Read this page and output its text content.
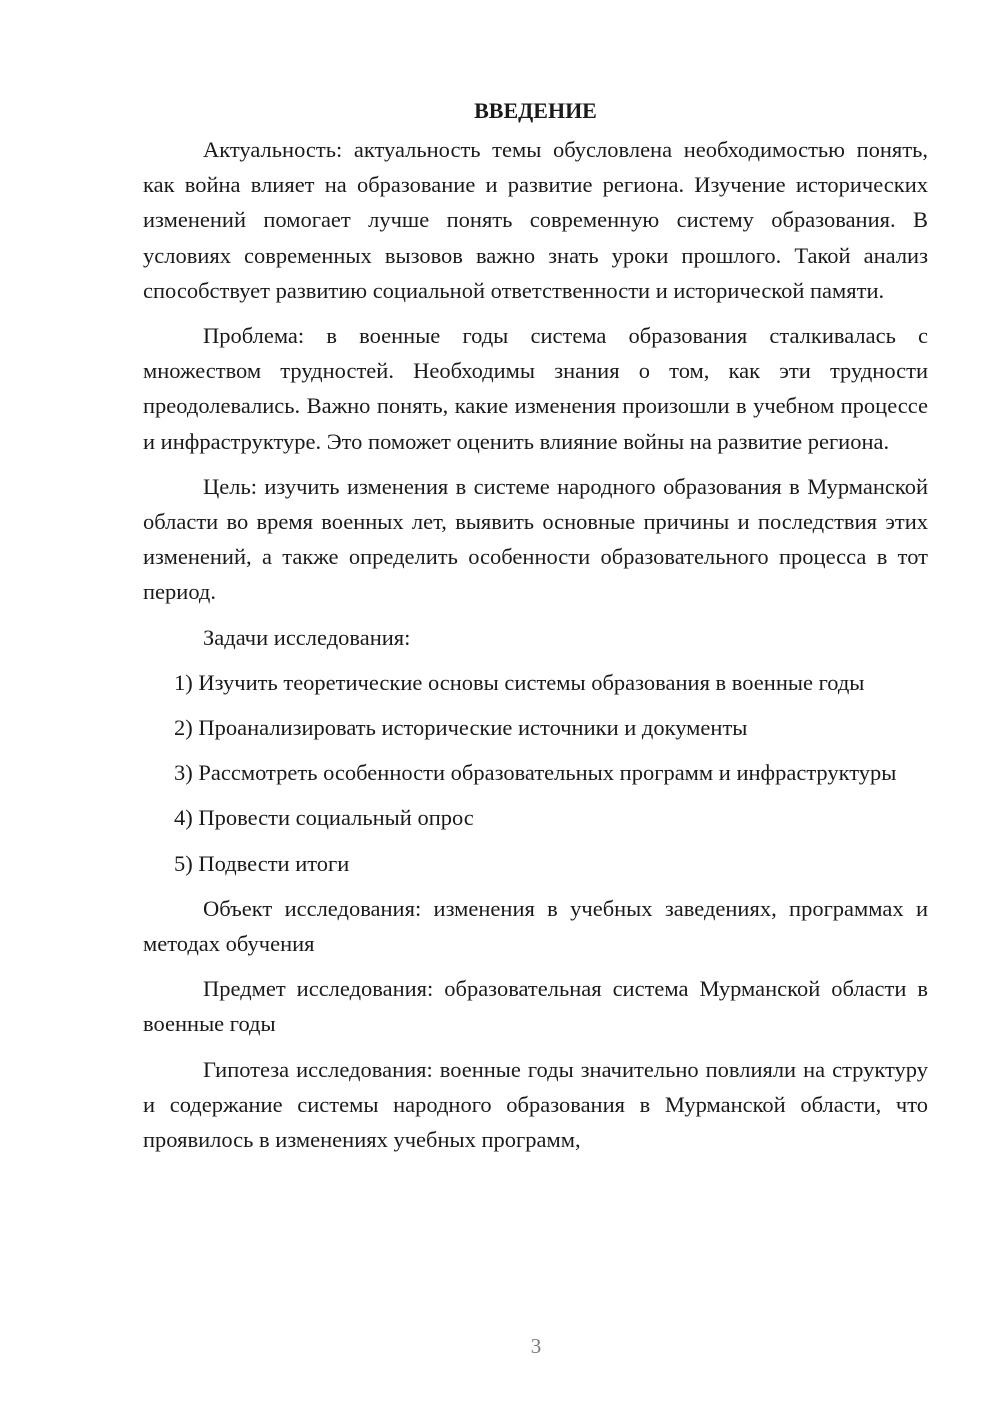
ВВЕДЕНИЕ

Актуальность: актуальность темы обусловлена необходимостью понять, как война влияет на образование и развитие региона. Изучение исторических изменений помогает лучше понять современную систему образования. В условиях современных вызовов важно знать уроки прошлого. Такой анализ способствует развитию социальной ответственности и исторической памяти.

Проблема: в военные годы система образования сталкивалась с множеством трудностей. Необходимы знания о том, как эти трудности преодолевались. Важно понять, какие изменения произошли в учебном процессе и инфраструктуре. Это поможет оценить влияние войны на развитие региона.

Цель: изучить изменения в системе народного образования в Мурманской области во время военных лет, выявить основные причины и последствия этих изменений, а также определить особенности образовательного процесса в тот период.

Задачи исследования:

1) Изучить теоретические основы системы образования в военные годы

2) Проанализировать исторические источники и документы

3) Рассмотреть особенности образовательных программ и инфраструктуры

4) Провести социальный опрос

5) Подвести итоги

Объект исследования: изменения в учебных заведениях, программах и методах обучения

Предмет исследования: образовательная система Мурманской области в военные годы

Гипотеза исследования: военные годы значительно повлияли на структуру и содержание системы народного образования в Мурманской области, что проявилось в изменениях учебных программ,

3
